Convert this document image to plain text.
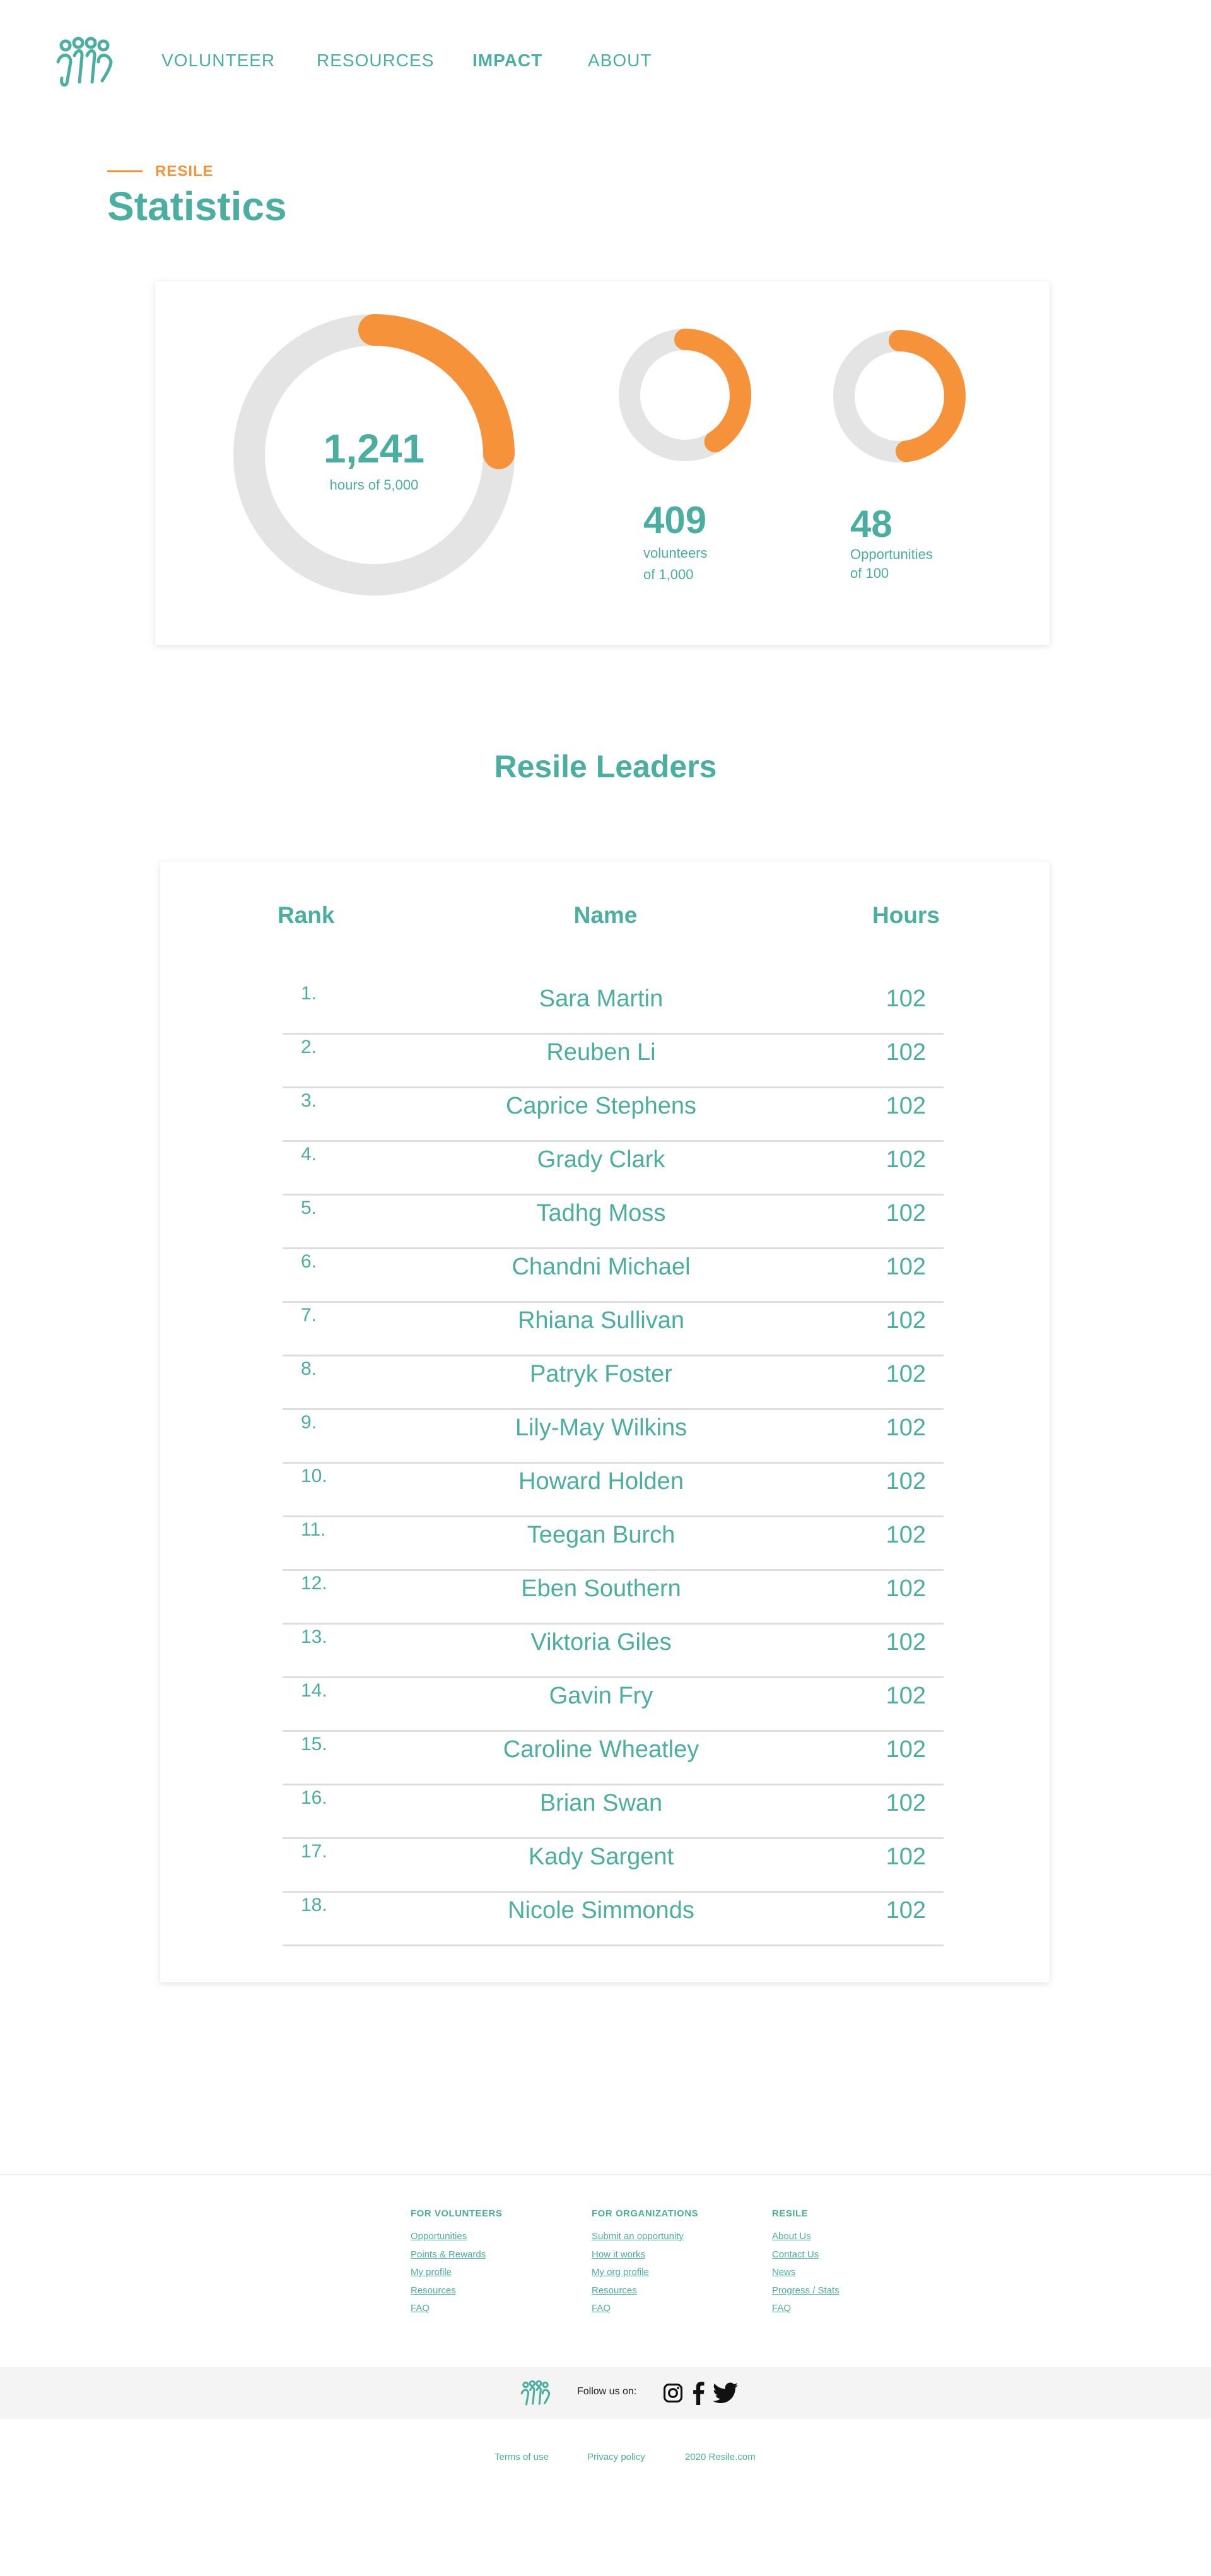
VOLUNTEER RESOURCES IMPACT	ABOUT
RESILE
Statistics
1,241
hours of 5,000
409
volunteers
of 1,000
48
Opportunities
of 100
Resile Leaders
Rank	Name	Hours
1.	Sara Martin	102
2.	Reuben Li	102
3.	Caprice Stephens	102
4.	Grady Clark	102
5.	Tadhg Moss	102
6.	Chandni Michael	102
7.	Rhiana Sullivan	102
8.	Patryk Foster	102
9.	Lily-May Wilkins	102
10.	Howard Holden	102
11.	Teegan Burch	102
12.	Eben Southern	102
13.	Viktoria Giles	102
14.	Gavin Fry	102
15.	Caroline Wheatley	102
16.	Brian Swan	102
17.	Kady Sargent	102
18.	Nicole Simmonds	102
FOR VOLUNTEERS
Opportunities
Points & Rewards
My profile
Resources
FAQ
FOR ORGANIZATIONS
Submit an opportunity
How it works
My org profile
Resources
FAQ
RESILE
About Us
Contact Us
News
Progress / Stats
FAQ
Follow us on:
Terms of use	Privacy policy	2020 Resile.com
